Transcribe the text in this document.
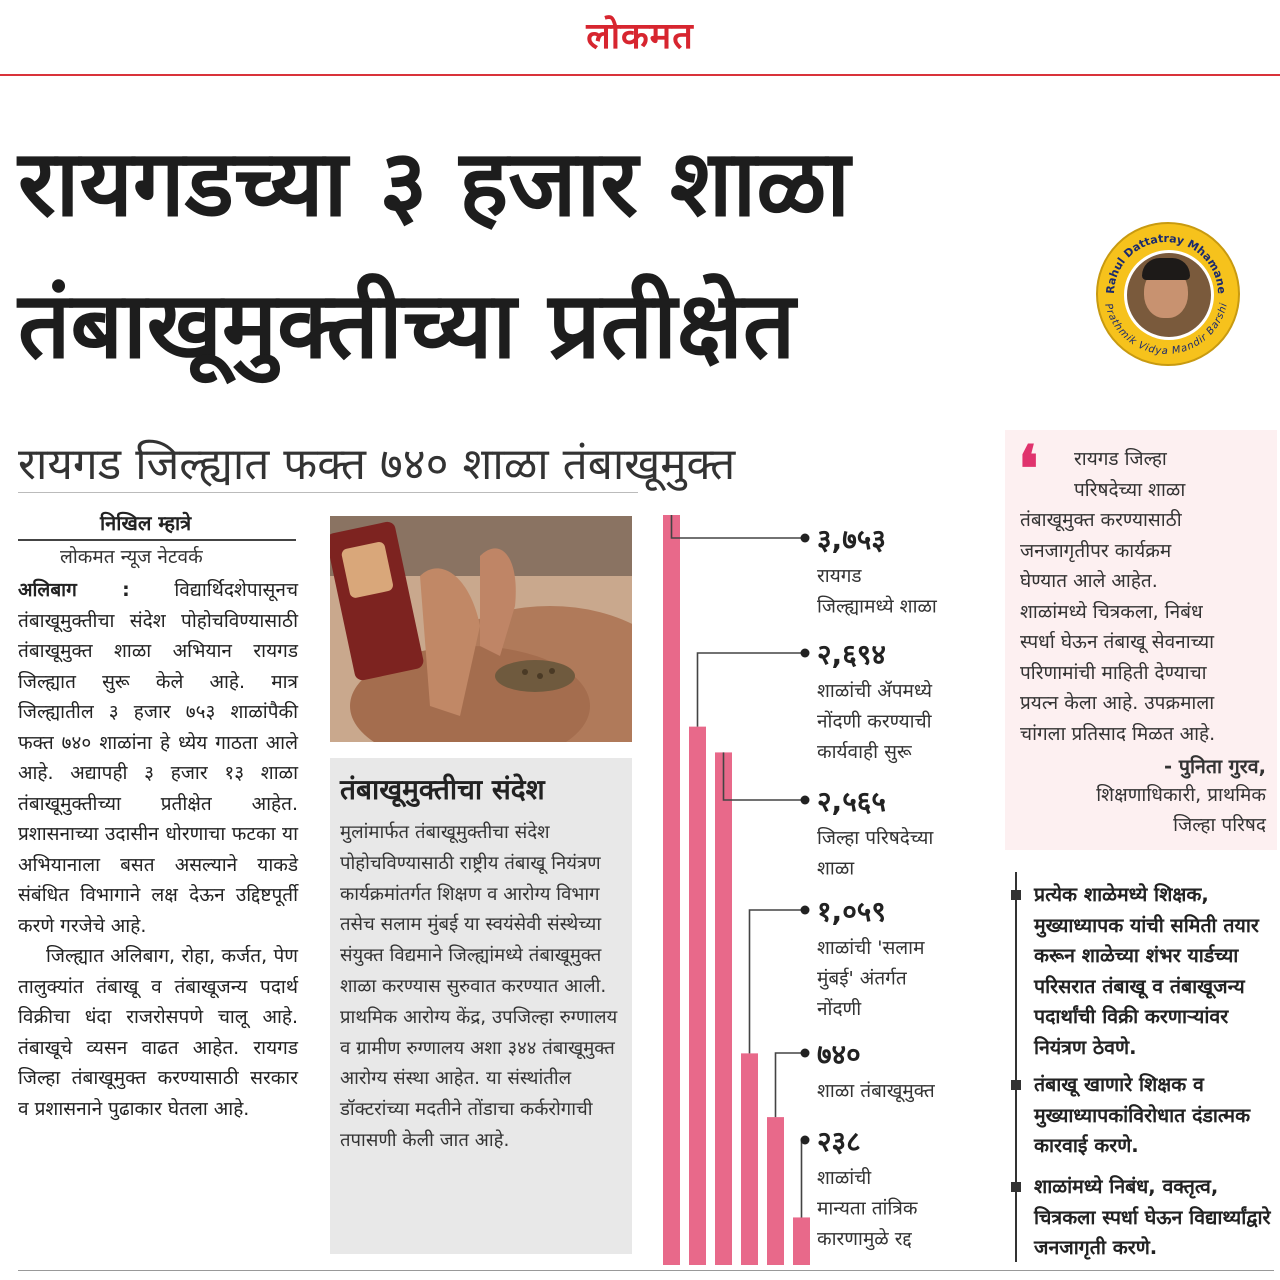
लोकमत
रायगडच्या ३ हजार शाळा
तंबाखूमुक्तीच्या प्रतीक्षेत
रायगड जिल्ह्यात फक्त ७४० शाळा तंबाखूमुक्त
Rahul Dattatray Mhamane
Prathmik Vidya Mandir Barshi
निखिल म्हात्रे
लोकमत न्यूज नेटवर्क

अलिबाग : विद्यार्थिदशेपासूनच तंबाखूमुक्तीचा संदेश पोहोचविण्यासाठी तंबाखूमुक्त शाळा अभियान रायगड जिल्ह्यात सुरू केले आहे. मात्र जिल्ह्यातील ३ हजार ७५३ शाळांपैकी फक्त ७४० शाळांना हे ध्येय गाठता आले आहे. अद्यापही ३ हजार १३ शाळा तंबाखूमुक्तीच्या प्रतीक्षेत आहेत. प्रशासनाच्या उदासीन धोरणाचा फटका या अभियानाला बसत असल्याने याकडे संबंधित विभागाने लक्ष देऊन उद्दिष्टपूर्ती करणे गरजेचे आहे.

जिल्ह्यात अलिबाग, रोहा, कर्जत, पेण तालुक्यांत तंबाखू व तंबाखूजन्य पदार्थ विक्रीचा धंदा राजरोसपणे चालू आहे. तंबाखूचे व्यसन वाढत आहेत. रायगड जिल्हा तंबाखूमुक्त करण्यासाठी सरकार व प्रशासनाने पुढाकार घेतला आहे.

तंबाखूमुक्तीचा संदेश
मुलांमार्फत तंबाखूमुक्तीचा संदेश पोहोचविण्यासाठी राष्ट्रीय तंबाखू नियंत्रण कार्यक्रमांतर्गत शिक्षण व आरोग्य विभाग तसेच सलाम मुंबई या स्वयंसेवी संस्थेच्या संयुक्त विद्यमाने जिल्ह्यांमध्ये तंबाखूमुक्त शाळा करण्यास सुरुवात करण्यात आली. प्राथमिक आरोग्य केंद्र, उपजिल्हा रुग्णालय व ग्रामीण रुग्णालय अशा ३४४ तंबाखूमुक्त आरोग्य संस्था आहेत. या संस्थांतील डॉक्टरांच्या मदतीने तोंडाचा कर्करोगाची तपासणी केली जात आहे.
३,७५३
रायगड
जिल्ह्यामध्ये शाळा
२,६९४
शाळांची ॲपमध्ये
नोंदणी करण्याची
कार्यवाही सुरू
२,५६५
जिल्हा परिषदेच्या
शाळा
१,०५९
शाळांची 'सलाम
मुंबई' अंतर्गत
नोंदणी
७४०
शाळा तंबाखूमुक्त
२३८
शाळांची
मान्यता तांत्रिक
कारणामुळे रद्द
❛	रायगड जिल्हा
परिषदेच्या शाळा
तंबाखूमुक्त करण्यासाठी
जनजागृतीपर कार्यक्रम
घेण्यात आले आहेत.
शाळांमध्ये चित्रकला, निबंध
स्पर्धा घेऊन तंबाखू सेवनाच्या
परिणामांची माहिती देण्याचा
प्रयत्न केला आहे. उपक्रमाला
चांगला प्रतिसाद मिळत आहे.
- पुनिता गुरव,
शिक्षणाधिकारी, प्राथमिक
जिल्हा परिषद
प्रत्येक शाळेमध्ये शिक्षक, मुख्याध्यापक यांची समिती तयार करून शाळेच्या शंभर यार्डच्या परिसरात तंबाखू व तंबाखूजन्य पदार्थांची विक्री करणाऱ्यांवर नियंत्रण ठेवणे.
तंबाखू खाणारे शिक्षक व मुख्याध्यापकांविरोधात दंडात्मक कारवाई करणे.
शाळांमध्ये निबंध, वक्तृत्व, चित्रकला स्पर्धा घेऊन विद्यार्थ्यांद्वारे जनजागृती करणे.
